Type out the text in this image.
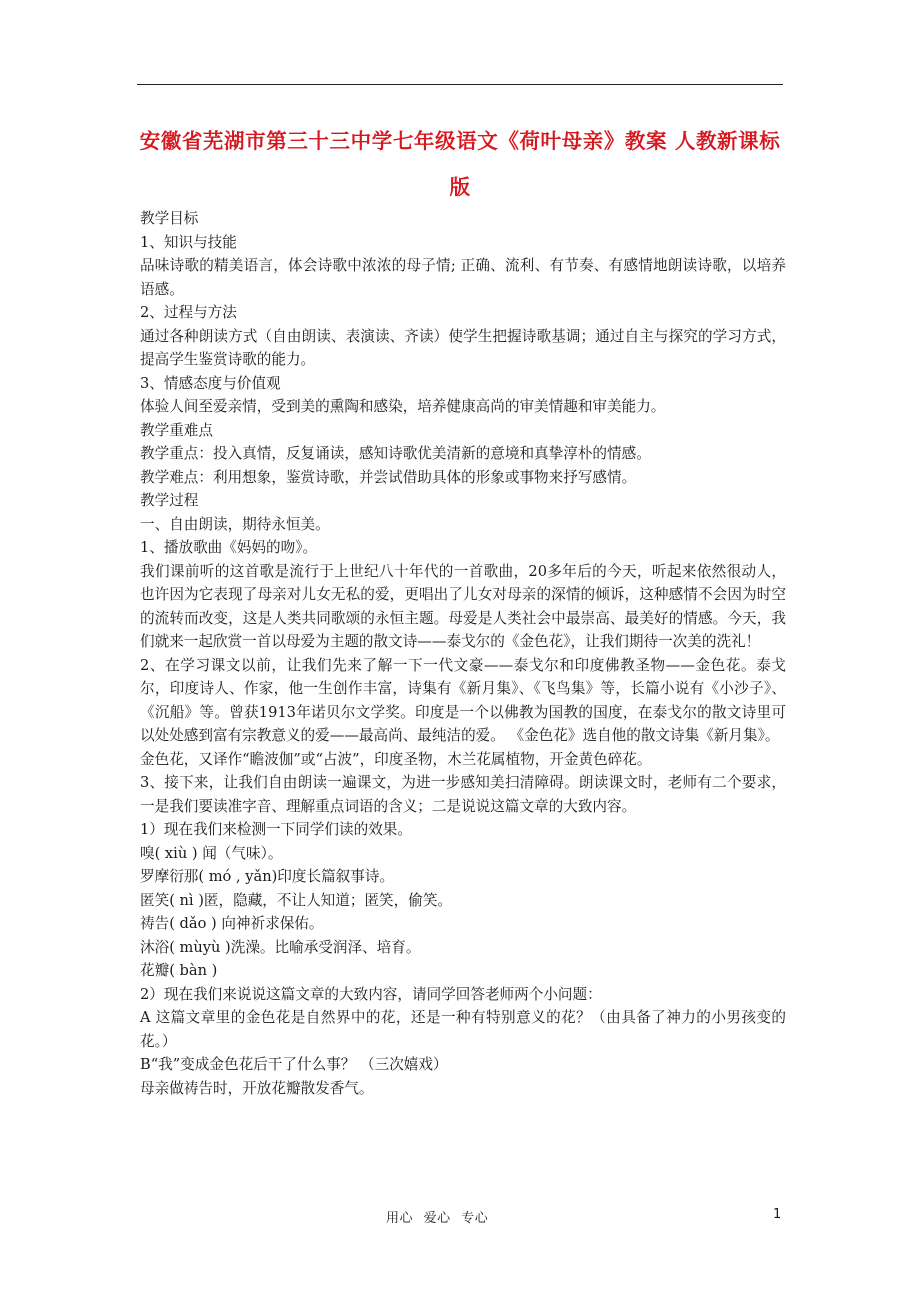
安徽省芜湖市第三十三中学七年级语文《荷叶母亲》教案 人教新课标版

教学目标

1、知识与技能

品味诗歌的精美语言，体会诗歌中浓浓的母子情; 正确、流利、有节奏、有感情地朗读诗歌，以培养语感。

2、过程与方法

通过各种朗读方式（自由朗读、表演读、齐读）使学生把握诗歌基调；通过自主与探究的学习方式，提高学生鉴赏诗歌的能力。

3、情感态度与价值观

体验人间至爱亲情，受到美的熏陶和感染，培养健康高尚的审美情趣和审美能力。

教学重难点

教学重点：投入真情，反复诵读，感知诗歌优美清新的意境和真挚淳朴的情感。

教学难点：利用想象，鉴赏诗歌，并尝试借助具体的形象或事物来抒写感情。

教学过程

一、自由朗读，期待永恒美。

1、播放歌曲《妈妈的吻》。

我们课前听的这首歌是流行于上世纪八十年代的一首歌曲，20多年后的今天，听起来依然很动人，也许因为它表现了母亲对儿女无私的爱，更唱出了儿女对母亲的深情的倾诉，这种感情不会因为时空的流转而改变，这是人类共同歌颂的永恒主题。母爱是人类社会中最崇高、最美好的情感。今天，我们就来一起欣赏一首以母爱为主题的散文诗——泰戈尔的《金色花》，让我们期待一次美的洗礼！

2、在学习课文以前，让我们先来了解一下一代文豪——泰戈尔和印度佛教圣物——金色花。泰戈尔，印度诗人、作家，他一生创作丰富，诗集有《新月集》、《飞鸟集》等，长篇小说有《小沙子》、《沉船》等。曾获1913年诺贝尔文学奖。印度是一个以佛教为国教的国度，在泰戈尔的散文诗里可以处处感到富有宗教意义的爱——最高尚、最纯洁的爱。 《金色花》选自他的散文诗集《新月集》。

金色花，又译作“瞻波伽”或“占波”，印度圣物，木兰花属植物，开金黄色碎花。

3、接下来，让我们自由朗读一遍课文，为进一步感知美扫清障碍。朗读课文时，老师有二个要求，一是我们要读准字音、理解重点词语的含义；二是说说这篇文章的大致内容。

1）现在我们来检测一下同学们读的效果。

嗅( xiù ) 闻（气味）。

罗摩衍那( mó , yǎn)印度长篇叙事诗。

匿笑( nì )匿，隐藏，不让人知道；匿笑，偷笑。

祷告( dǎo ) 向神祈求保佑。

沐浴( mùyù )洗澡。比喻承受润泽、培育。

花瓣( bàn )

2）现在我们来说说这篇文章的大致内容，请同学回答老师两个小问题：

A 这篇文章里的金色花是自然界中的花，还是一种有特别意义的花？（由具备了神力的小男孩变的花。）

B“我”变成金色花后干了什么事？ （三次嬉戏）

母亲做祷告时，开放花瓣散发香气。

用心 爱心 专心	1
